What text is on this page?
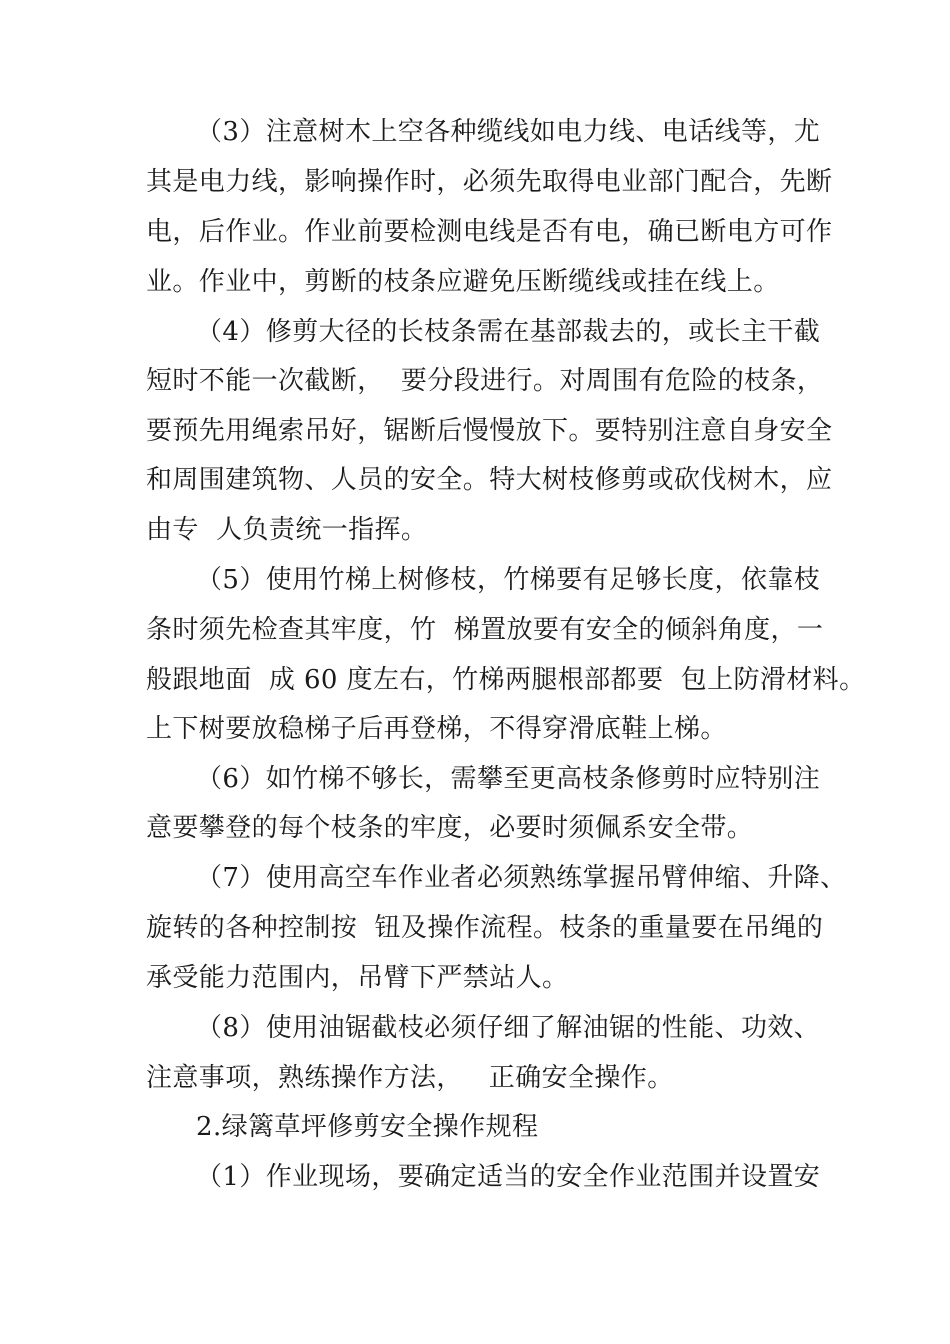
（3）注意树木上空各种缆线如电力线、电话线等，尤
其是电力线，影响操作时，必须先取得电业部门配合，先断
电，后作业。作业前要检测电线是否有电，确已断电方可作
业。作业中，剪断的枝条应避免压断缆线或挂在线上。
（4）修剪大径的长枝条需在基部裁去的，或长主干截
短时不能一次截断，  要分段进行。对周围有危险的枝条，
要预先用绳索吊好，锯断后慢慢放下。要特别注意自身安全
和周围建筑物、人员的安全。特大树枝修剪或砍伐树木，应
由专  人负责统一指挥。
（5）使用竹梯上树修枝，竹梯要有足够长度，依靠枝
条时须先检查其牢度，竹  梯置放要有安全的倾斜角度，一
般跟地面  成 60 度左右，竹梯两腿根部都要  包上防滑材料。
上下树要放稳梯子后再登梯，不得穿滑底鞋上梯。
（6）如竹梯不够长，需攀至更高枝条修剪时应特别注
意要攀登的每个枝条的牢度，必要时须佩系安全带。
（7）使用高空车作业者必须熟练掌握吊臂伸缩、升降、
旋转的各种控制按  钮及操作流程。枝条的重量要在吊绳的
承受能力范围内，吊臂下严禁站人。
（8）使用油锯截枝必须仔细了解油锯的性能、功效、
注意事项，熟练操作方法，   正确安全操作。
2.绿篱草坪修剪安全操作规程
（1）作业现场，要确定适当的安全作业范围并设置安
